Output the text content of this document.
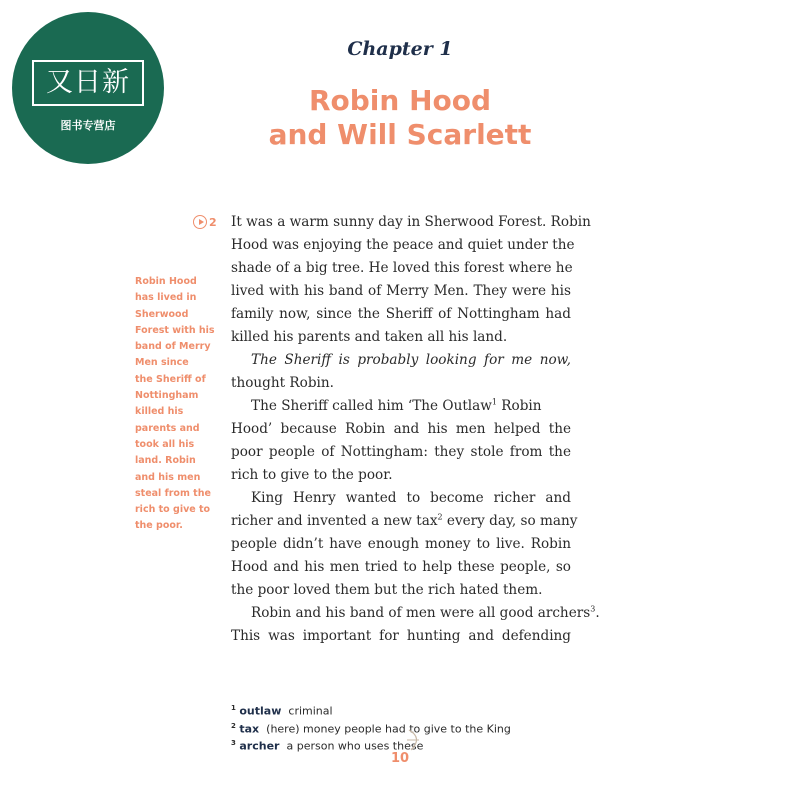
又日新
图书专营店
Chapter 1
Robin Hood
and Will Scarlett
2
Robin Hood
has lived in
Sherwood
Forest with his
band of Merry
Men since
the Sheriff of
Nottingham
killed his
parents and
took all his
land. Robin
and his men
steal from the
rich to give to
the poor.
It was a warm sunny day in Sherwood Forest. Robin
Hood was enjoying the peace and quiet under the
shade of a big tree. He loved this forest where he
lived with his band of Merry Men. They were his
family now, since the Sheriff of Nottingham had
killed his parents and taken all his land.
The Sheriff is probably looking for me now,
thought Robin.
The Sheriff called him ‘The Outlaw$^1$ Robin
Hood’ because Robin and his men helped the
poor people of Nottingham: they stole from the
rich to give to the poor.
King Henry wanted to become richer and
richer and invented a new tax$^2$ every day, so many
people didn’t have enough money to live. Robin
Hood and his men tried to help these people, so
the poor loved them but the rich hated them.
Robin and his band of men were all good archers$^3$.
This was important for hunting and defending
$^1$ outlaw criminal
$^2$ tax (here) money people had to give to the King
$^3$ archer a person who uses these
10
